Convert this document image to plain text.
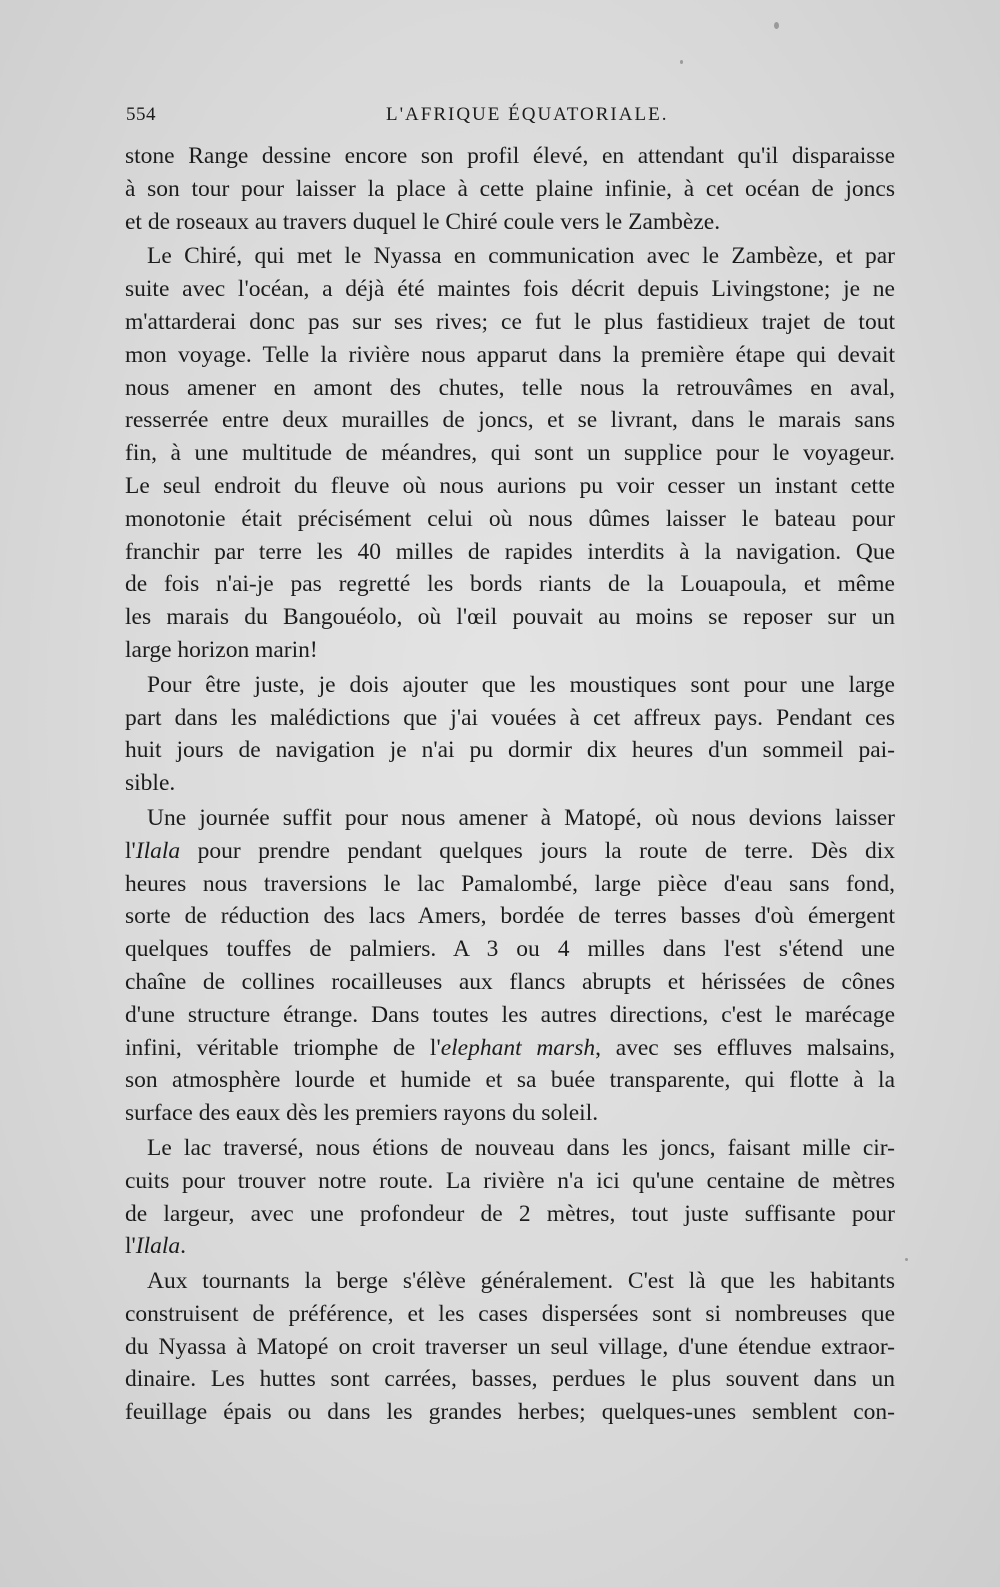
554	L'AFRIQUE ÉQUATORIALE.
stone Range dessine encore son profil élevé, en attendant qu'il disparaisse
à son tour pour laisser la place à cette plaine infinie, à cet océan de joncs
et de roseaux au travers duquel le Chiré coule vers le Zambèze.
Le Chiré, qui met le Nyassa en communication avec le Zambèze, et par
suite avec l'océan, a déjà été maintes fois décrit depuis Livingstone; je ne
m'attarderai donc pas sur ses rives; ce fut le plus fastidieux trajet de tout
mon voyage. Telle la rivière nous apparut dans la première étape qui devait
nous amener en amont des chutes, telle nous la retrouvâmes en aval,
resserrée entre deux murailles de joncs, et se livrant, dans le marais sans
fin, à une multitude de méandres, qui sont un supplice pour le voyageur.
Le seul endroit du fleuve où nous aurions pu voir cesser un instant cette
monotonie était précisément celui où nous dûmes laisser le bateau pour
franchir par terre les 40 milles de rapides interdits à la navigation. Que
de fois n'ai-je pas regretté les bords riants de la Louapoula, et même
les marais du Bangouéolo, où l'œil pouvait au moins se reposer sur un
large horizon marin!
Pour être juste, je dois ajouter que les moustiques sont pour une large
part dans les malédictions que j'ai vouées à cet affreux pays. Pendant ces
huit jours de navigation je n'ai pu dormir dix heures d'un sommeil pai-
sible.
Une journée suffit pour nous amener à Matopé, où nous devions laisser
l'Ilala pour prendre pendant quelques jours la route de terre. Dès dix
heures nous traversions le lac Pamalombé, large pièce d'eau sans fond,
sorte de réduction des lacs Amers, bordée de terres basses d'où émergent
quelques touffes de palmiers. A 3 ou 4 milles dans l'est s'étend une
chaîne de collines rocailleuses aux flancs abrupts et hérissées de cônes
d'une structure étrange. Dans toutes les autres directions, c'est le marécage
infini, véritable triomphe de l'elephant marsh, avec ses effluves malsains,
son atmosphère lourde et humide et sa buée transparente, qui flotte à la
surface des eaux dès les premiers rayons du soleil.
Le lac traversé, nous étions de nouveau dans les joncs, faisant mille cir-
cuits pour trouver notre route. La rivière n'a ici qu'une centaine de mètres
de largeur, avec une profondeur de 2 mètres, tout juste suffisante pour
l'Ilala.
Aux tournants la berge s'élève généralement. C'est là que les habitants
construisent de préférence, et les cases dispersées sont si nombreuses que
du Nyassa à Matopé on croit traverser un seul village, d'une étendue extraor-
dinaire. Les huttes sont carrées, basses, perdues le plus souvent dans un
feuillage épais ou dans les grandes herbes; quelques-unes semblent con-
